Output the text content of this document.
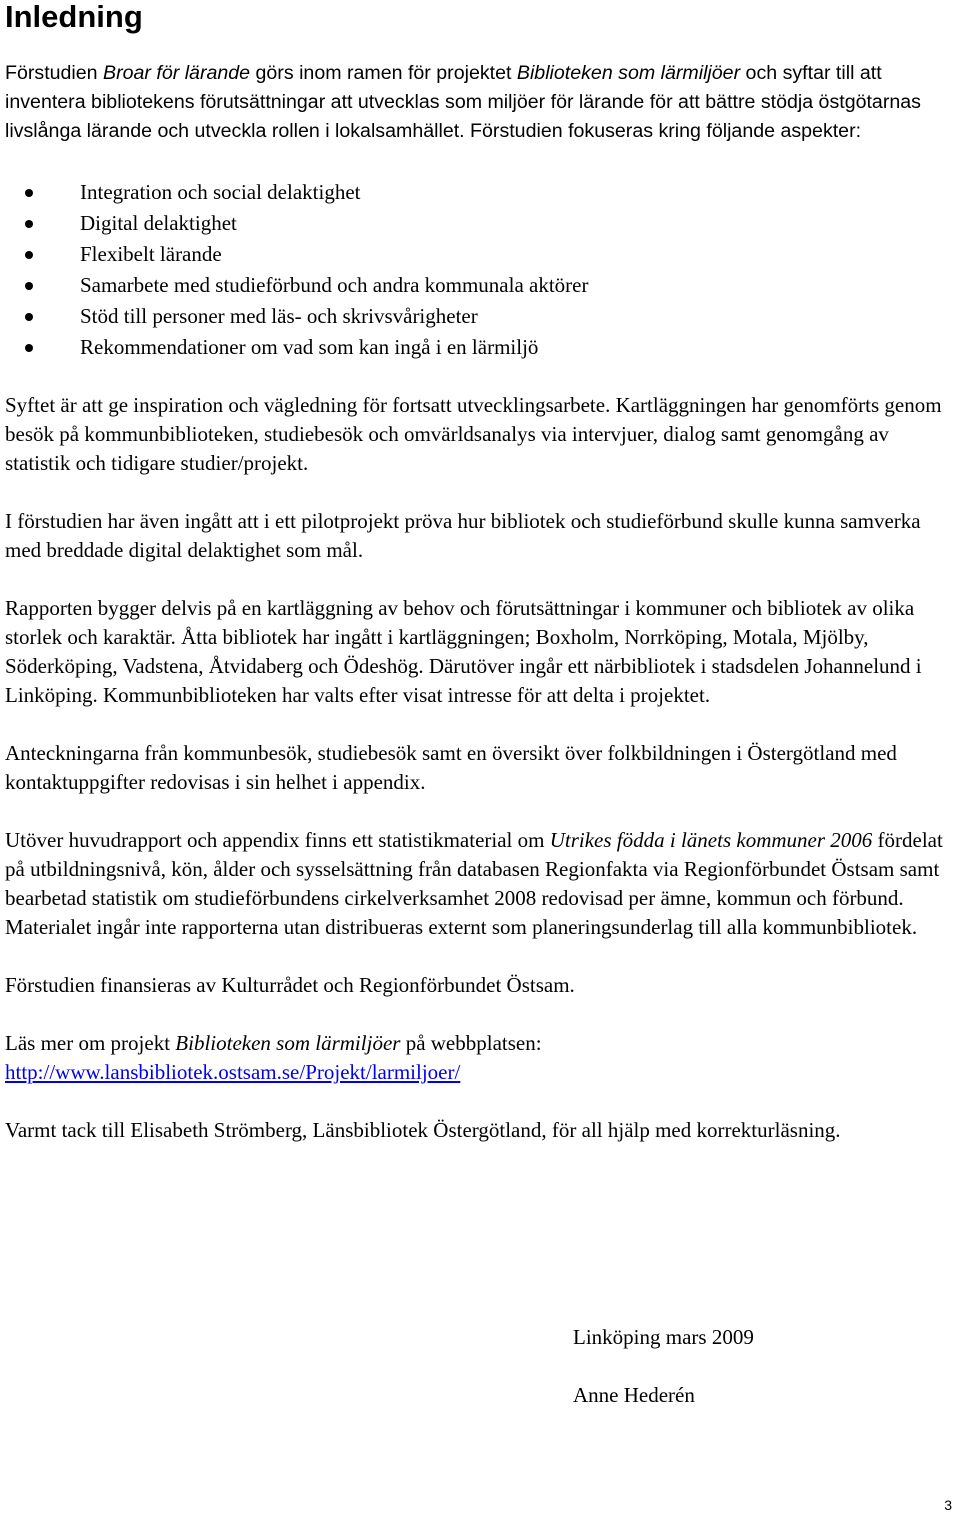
Inledning

Förstudien Broar för lärande görs inom ramen för projektet Biblioteken som lärmiljöer och syftar till att inventera bibliotekens förutsättningar att utvecklas som miljöer för lärande för att bättre stödja östgötarnas livslånga lärande och utveckla rollen i lokalsamhället. Förstudien fokuseras kring följande aspekter:

Integration och social delaktighet
Digital delaktighet
Flexibelt lärande
Samarbete med studieförbund och andra kommunala aktörer
Stöd till personer med läs- och skrivsvårigheter
Rekommendationer om vad som kan ingå i en lärmiljö

Syftet är att ge inspiration och vägledning för fortsatt utvecklingsarbete. Kartläggningen har genomförts genom besök på kommunbiblioteken, studiebesök och omvärldsanalys via intervjuer, dialog samt genomgång av statistik och tidigare studier/projekt.

I förstudien har även ingått att i ett pilotprojekt pröva hur bibliotek och studieförbund skulle kunna samverka med breddade digital delaktighet som mål.

Rapporten bygger delvis på en kartläggning av behov och förutsättningar i kommuner och bibliotek av olika storlek och karaktär. Åtta bibliotek har ingått i kartläggningen; Boxholm, Norrköping, Motala, Mjölby, Söderköping, Vadstena, Åtvidaberg och Ödeshög. Därutöver ingår ett närbibliotek i stadsdelen Johannelund i Linköping. Kommunbiblioteken har valts efter visat intresse för att delta i projektet.

Anteckningarna från kommunbesök, studiebesök samt en översikt över folkbildningen i Östergötland med kontaktuppgifter redovisas i sin helhet i appendix.

Utöver huvudrapport och appendix finns ett statistikmaterial om Utrikes födda i länets kommuner 2006 fördelat på utbildningsnivå, kön, ålder och sysselsättning från databasen Regionfakta via Regionförbundet Östsam samt bearbetad statistik om studieförbundens cirkelverksamhet 2008 redovisad per ämne, kommun och förbund. Materialet ingår inte rapporterna utan distribueras externt som planeringsunderlag till alla kommunbibliotek.

Förstudien finansieras av Kulturrådet och Regionförbundet Östsam.

Läs mer om projekt Biblioteken som lärmiljöer på webbplatsen:
http://www.lansbibliotek.ostsam.se/Projekt/larmiljoer/

Varmt tack till Elisabeth Strömberg, Länsbibliotek Östergötland, för all hjälp med korrekturläsning.

Linköping mars 2009
Anne Hederén
3
